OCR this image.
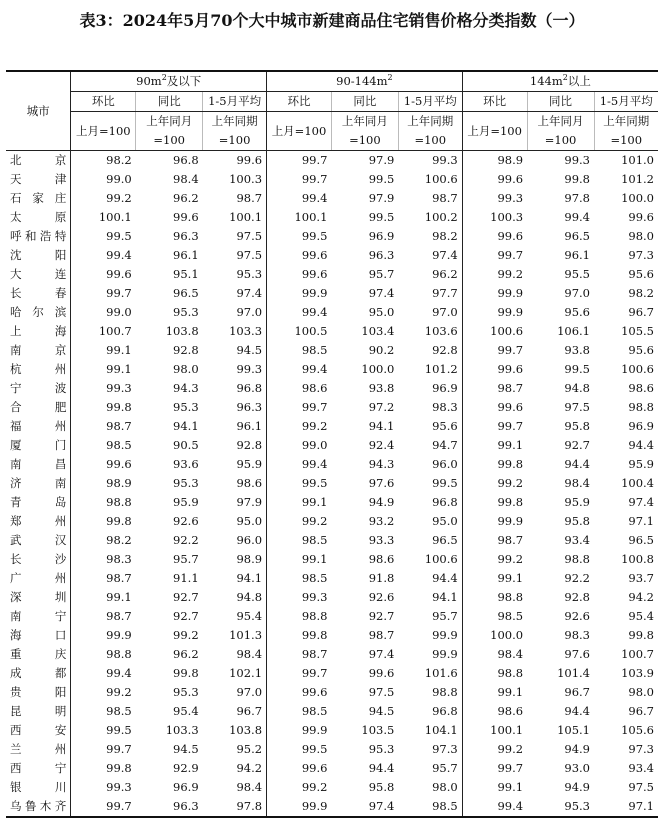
表3：2024年5月70个大中城市新建商品住宅销售价格分类指数（一）
城市	$90m^2$及以下			$90-144m^2$			$144m^2$以上		
	环比	同比	1-5月平均	环比	同比	1-5月平均	环比	同比	1-5月平均
	上月=100	上年同月=100	上年同期=100	上月=100	上年同月=100	上年同期=100	上月=100	上年同月=100	上年同期=100
北京	98.2	96.8	99.6	99.7	97.9	99.3	98.9	99.3	101.0
天津	99.0	98.4	100.3	99.7	99.5	100.6	99.6	99.8	101.2
石家庄	99.2	96.2	98.7	99.4	97.9	98.7	99.3	97.8	100.0
太原	100.1	99.6	100.1	100.1	99.5	100.2	100.3	99.4	99.6
呼和浩特	99.5	96.3	97.5	99.5	96.9	98.2	99.6	96.5	98.0
沈阳	99.4	96.1	97.5	99.6	96.3	97.4	99.7	96.1	97.3
大连	99.6	95.1	95.3	99.6	95.7	96.2	99.2	95.5	95.6
长春	99.7	96.5	97.4	99.9	97.4	97.7	99.9	97.0	98.2
哈尔滨	99.0	95.3	97.0	99.4	95.0	97.0	99.9	95.6	96.7
上海	100.7	103.8	103.3	100.5	103.4	103.6	100.6	106.1	105.5
南京	99.1	92.8	94.5	98.5	90.2	92.8	99.7	93.8	95.6
杭州	99.1	98.0	99.3	99.4	100.0	101.2	99.6	99.5	100.6
宁波	99.3	94.3	96.8	98.6	93.8	96.9	98.7	94.8	98.6
合肥	99.8	95.3	96.3	99.7	97.2	98.3	99.6	97.5	98.8
福州	98.7	94.1	96.1	99.2	94.1	95.6	99.7	95.8	96.9
厦门	98.5	90.5	92.8	99.0	92.4	94.7	99.1	92.7	94.4
南昌	99.6	93.6	95.9	99.4	94.3	96.0	99.8	94.4	95.9
济南	98.9	95.3	98.6	99.5	97.6	99.5	99.2	98.4	100.4
青岛	98.8	95.9	97.9	99.1	94.9	96.8	99.8	95.9	97.4
郑州	99.8	92.6	95.0	99.2	93.2	95.0	99.9	95.8	97.1
武汉	98.2	92.2	96.0	98.5	93.3	96.5	98.7	93.4	96.5
长沙	98.3	95.7	98.9	99.1	98.6	100.6	99.2	98.8	100.8
广州	98.7	91.1	94.1	98.5	91.8	94.4	99.1	92.2	93.7
深圳	99.1	92.7	94.8	99.3	92.6	94.1	98.8	92.8	94.2
南宁	98.7	92.7	95.4	98.8	92.7	95.7	98.5	92.6	95.4
海口	99.9	99.2	101.3	99.8	98.7	99.9	100.0	98.3	99.8
重庆	98.8	96.2	98.4	98.7	97.4	99.9	98.4	97.6	100.7
成都	99.4	99.8	102.1	99.7	99.6	101.6	98.8	101.4	103.9
贵阳	99.2	95.3	97.0	99.6	97.5	98.8	99.1	96.7	98.0
昆明	98.5	95.4	96.7	98.5	94.5	96.8	98.6	94.4	96.7
西安	99.5	103.3	103.8	99.9	103.5	104.1	100.1	105.1	105.6
兰州	99.7	94.5	95.2	99.5	95.3	97.3	99.2	94.9	97.3
西宁	99.8	92.9	94.2	99.6	94.4	95.7	99.7	93.0	93.4
银川	99.3	96.9	98.4	99.2	95.8	98.0	99.1	94.9	97.5
乌鲁木齐	99.7	96.3	97.8	99.9	97.4	98.5	99.4	95.3	97.1
